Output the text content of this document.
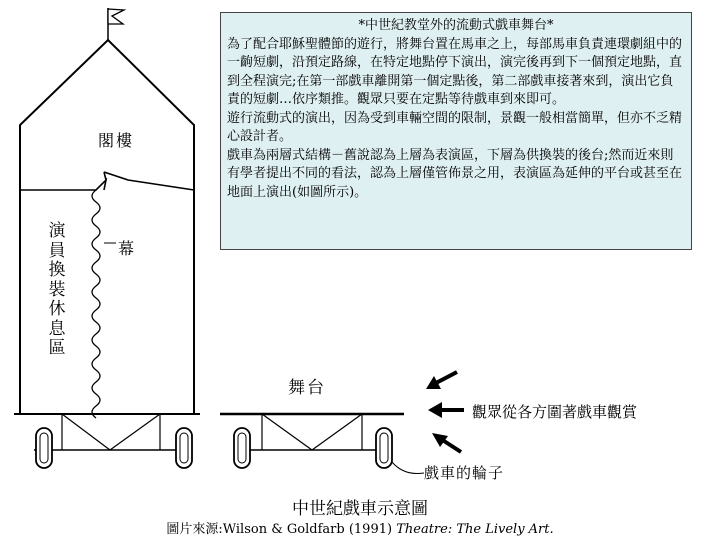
*中世紀教堂外的流動式戲車舞台*

為了配合耶穌聖體節的遊行，將舞台置在馬車之上，每部馬車負責連環劇組中的一齣短劇，沿預定路線，在特定地點停下演出，演完後再到下一個預定地點，直到全程演完;在第一部戲車離開第一個定點後，第二部戲車接著來到，演出它負責的短劇…依序類推。觀眾只要在定點等待戲車到來即可。

遊行流動式的演出，因為受到車輛空間的限制，景觀一般相當簡單，但亦不乏精心設計者。

戲車為兩層式結構－舊說認為上層為表演區，下層為供換裝的後台;然而近來則有學者提出不同的看法，認為上層僅管佈景之用，表演區為延伸的平台或甚至在地面上演出(如圖所示)。

閣樓
演員換裝休息區
幕
舞台
觀眾從各方圍著戲車觀賞
戲車的輪子
中世紀戲車示意圖
圖片來源:Wilson & Goldfarb (1991) Theatre: The Lively Art.
